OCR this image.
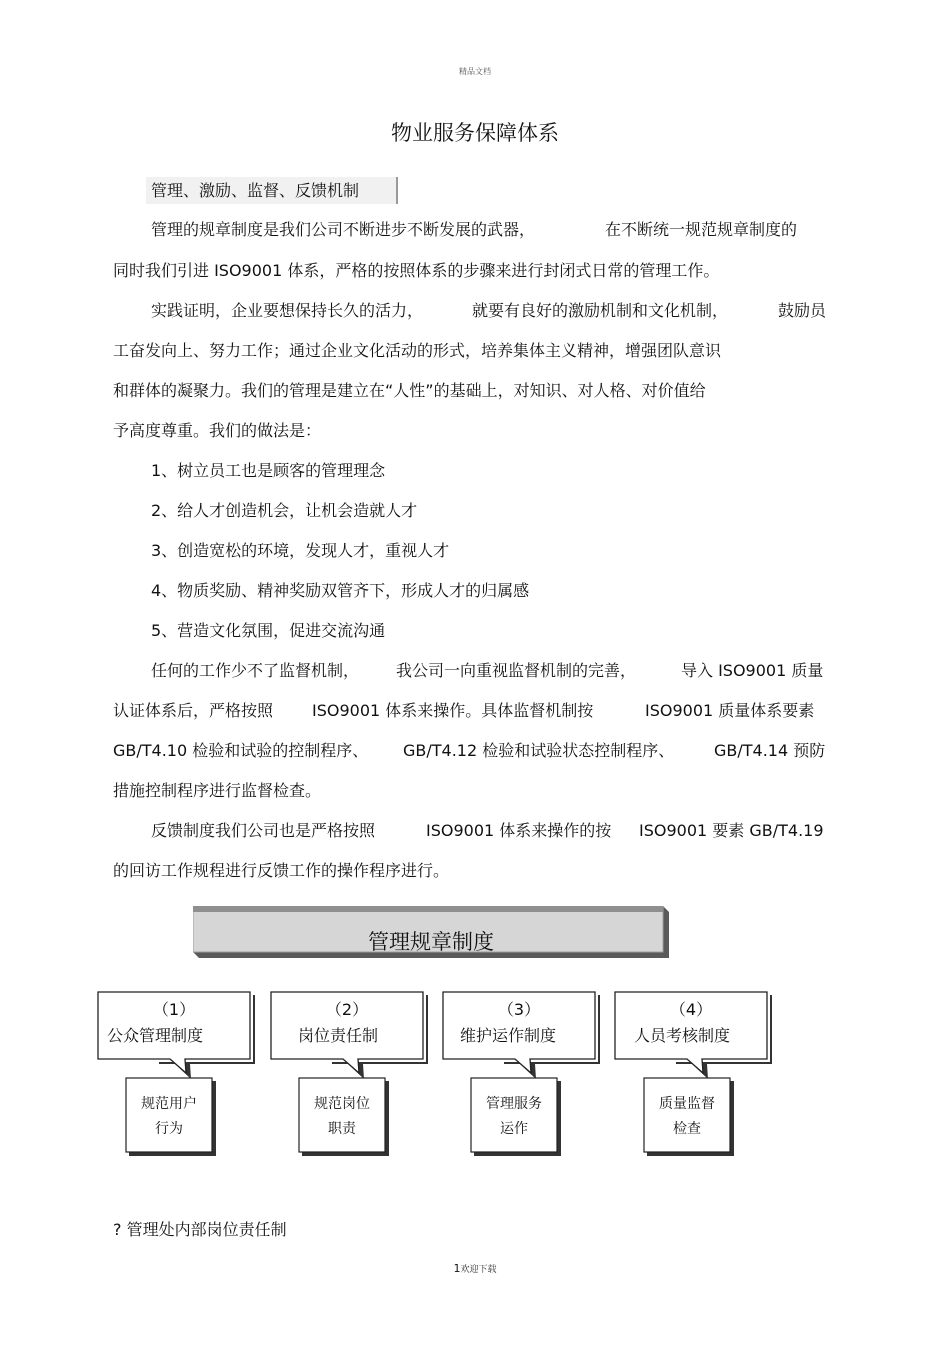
精品文档
物业服务保障体系
管理、激励、监督、反馈机制
管理的规章制度是我们公司不断进步不断发展的武器，	在不断统一规范规章制度的
同时我们引进 ISO9001 体系，严格的按照体系的步骤来进行封闭式日常的管理工作。
实践证明，企业要想保持长久的活力，	就要有良好的激励机制和文化机制，	鼓励员
工奋发向上、努力工作；通过企业文化活动的形式，培养集体主义精神，增强团队意识
和群体的凝聚力。我们的管理是建立在“人性”的基础上，对知识、对人格、对价值给
予高度尊重。我们的做法是：
1、树立员工也是顾客的管理理念
2、给人才创造机会，让机会造就人才
3、创造宽松的环境，发现人才，重视人才
4、物质奖励、精神奖励双管齐下，形成人才的归属感
5、营造文化氛围，促进交流沟通
任何的工作少不了监督机制， 我公司一向重视监督机制的完善，	导入 ISO9001 质量
认证体系后，严格按照 ISO9001 体系来操作。具体监督机制按	ISO9001 质量体系要素
GB/T4.10 检验和试验的控制程序、 GB/T4.12 检验和试验状态控制程序、 GB/T4.14 预防
措施控制程序进行监督检查。
反馈制度我们公司也是严格按照	ISO9001 体系来操作的按 ISO9001 要素 GB/T4.19
的回访工作规程进行反馈工作的操作程序进行。
管理规章制度
（1）
公众管理制度
（2）
岗位责任制
（3）
维护运作制度
（4）
人员考核制度
规范用户
行为
规范岗位
职责
管理服务
运作
质量监督
检查
? 管理处内部岗位责任制
1欢迎下载
